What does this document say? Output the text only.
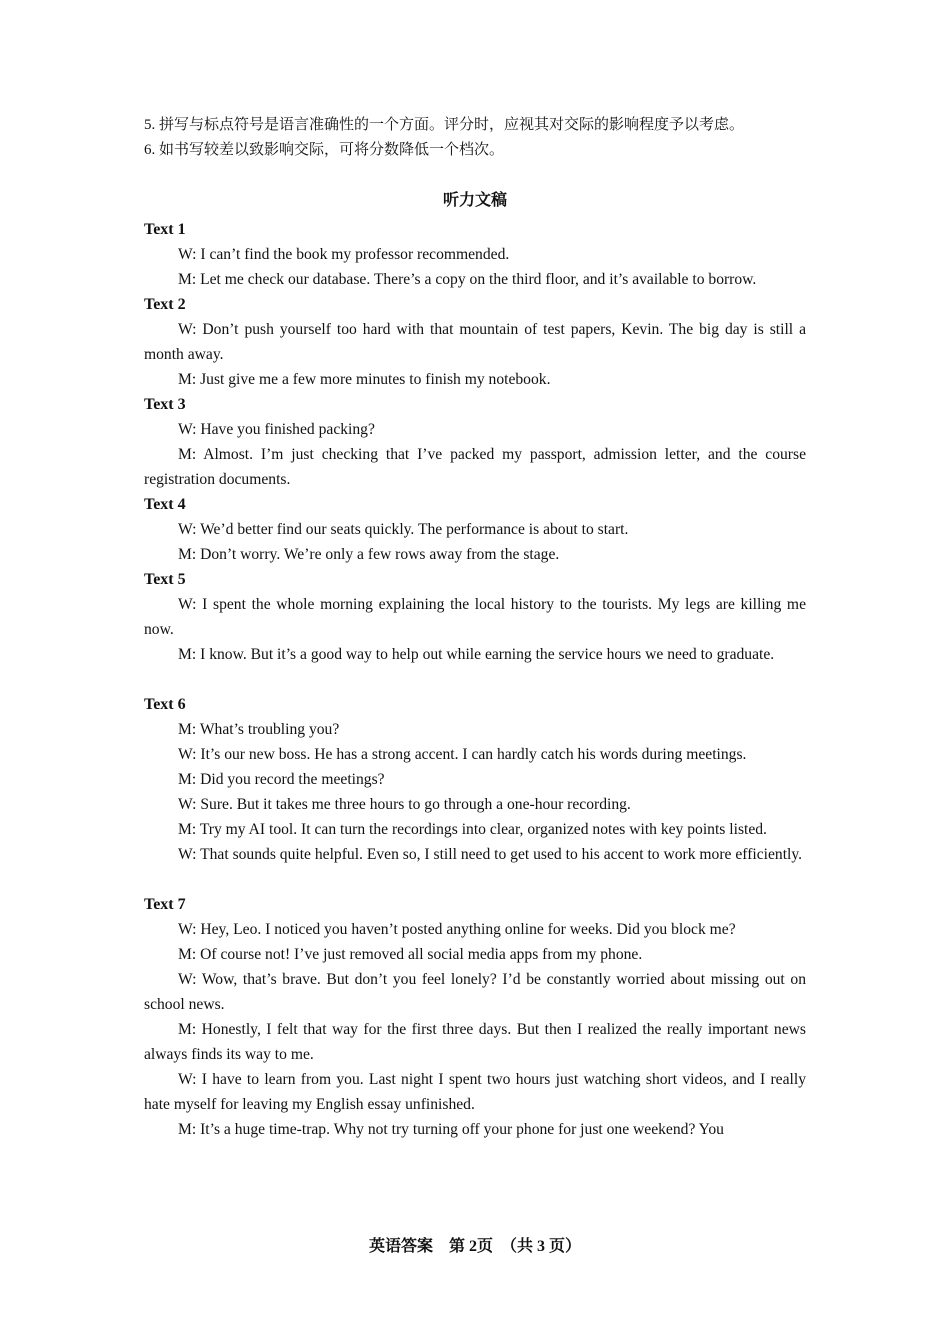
5. 拼写与标点符号是语言准确性的一个方面。评分时，应视其对交际的影响程度予以考虑。
6. 如书写较差以致影响交际，可将分数降低一个档次。
听力文稿
Text 1
W: I can’t find the book my professor recommended.
M: Let me check our database. There’s a copy on the third floor, and it’s available to borrow.
Text 2
W: Don’t push yourself too hard with that mountain of test papers, Kevin. The big day is still a month away.
M: Just give me a few more minutes to finish my notebook.
Text 3
W: Have you finished packing?
M: Almost. I’m just checking that I’ve packed my passport, admission letter, and the course registration documents.
Text 4
W: We’d better find our seats quickly. The performance is about to start.
M: Don’t worry. We’re only a few rows away from the stage.
Text 5
W: I spent the whole morning explaining the local history to the tourists. My legs are killing me now.
M: I know. But it’s a good way to help out while earning the service hours we need to graduate.
Text 6
M: What’s troubling you?
W: It’s our new boss. He has a strong accent. I can hardly catch his words during meetings.
M: Did you record the meetings?
W: Sure. But it takes me three hours to go through a one-hour recording.
M: Try my AI tool. It can turn the recordings into clear, organized notes with key points listed.
W: That sounds quite helpful. Even so, I still need to get used to his accent to work more efficiently.
Text 7
W: Hey, Leo. I noticed you haven’t posted anything online for weeks. Did you block me?
M: Of course not! I’ve just removed all social media apps from my phone.
W: Wow, that’s brave. But don’t you feel lonely? I’d be constantly worried about missing out on school news.
M: Honestly, I felt that way for the first three days. But then I realized the really important news always finds its way to me.
W: I have to learn from you. Last night I spent two hours just watching short videos, and I really hate myself for leaving my English essay unfinished.
M: It’s a huge time-trap. Why not try turning off your phone for just one weekend? You
英语答案　第 2页　（共 3 页）
